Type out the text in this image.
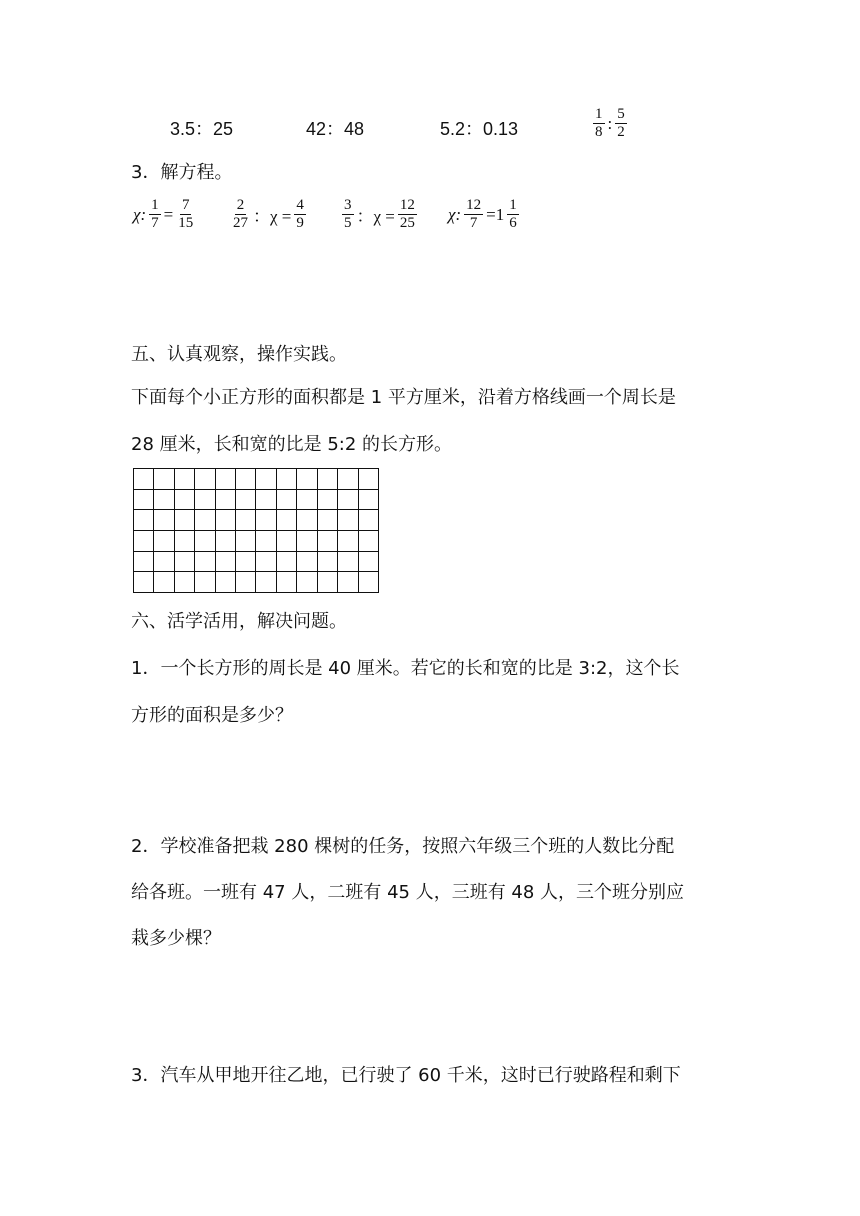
3.5：25	42：48	5.2：0.13	$\frac{1}{8}$ : $\frac{5}{2}$
3．解方程。
χ: $\frac{1}{7} = \frac{7}{15} \frac{2}{27}$ ：$\chi = \frac{4}{9} \frac{3}{5}$ ：$\chi = \frac{12}{25} \chi$: $\frac{12}{7} =1 \frac{1}{6}$
五、认真观察，操作实践。
下面每个小正方形的面积都是 1 平方厘米，沿着方格线画一个周长是
28 厘米，长和宽的比是 5:2 的长方形。
六、活学活用，解决问题。
1．一个长方形的周长是 40 厘米。若它的长和宽的比是 3:2，这个长
方形的面积是多少？
2．学校准备把栽 280 棵树的任务，按照六年级三个班的人数比分配
给各班。一班有 47 人，二班有 45 人，三班有 48 人，三个班分别应
栽多少棵？
3．汽车从甲地开往乙地，已行驶了 60 千米，这时已行驶路程和剩下
